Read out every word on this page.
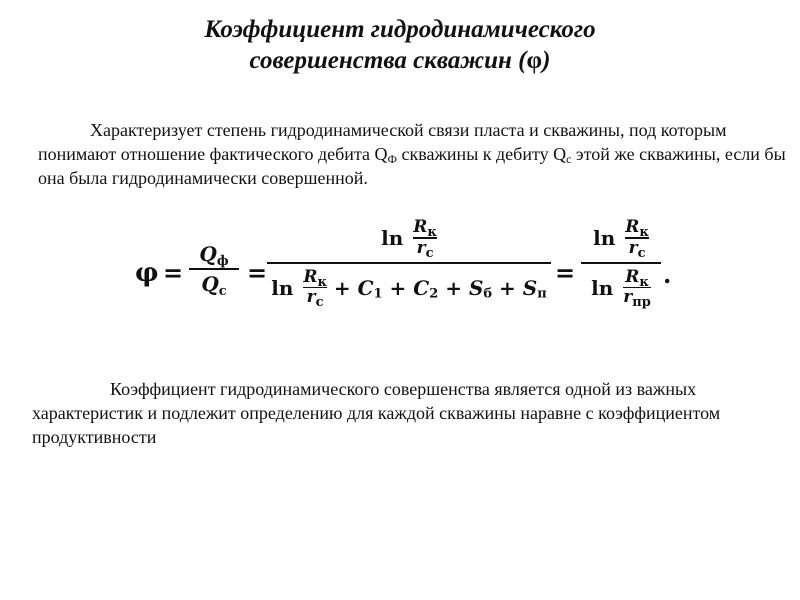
Коэффициент гидродинамического
совершенства скважин (φ)

Характеризует степень гидродинамической связи пласта и скважины, под которым понимают отношение фактического дебита $Q_Ф$ скважины к дебиту $Q_с$ этой же скважины, если бы она была гидродинамически совершенной.

φ =
$Q_ф$
$Q_с$
=
$\ln \frac{R_к}{r_с}$
$\ln \frac{R_к}{r_с} + C_1 + C_2 + S_б + S_п$
=
$\ln \frac{R_к}{r_с}$
$\ln \frac{R_к}{r_{пр}}$ .

Коэффициент гидродинамического совершенства является одной из важных характеристик и подлежит определению для каждой скважины наравне с коэффициентом продуктивности
